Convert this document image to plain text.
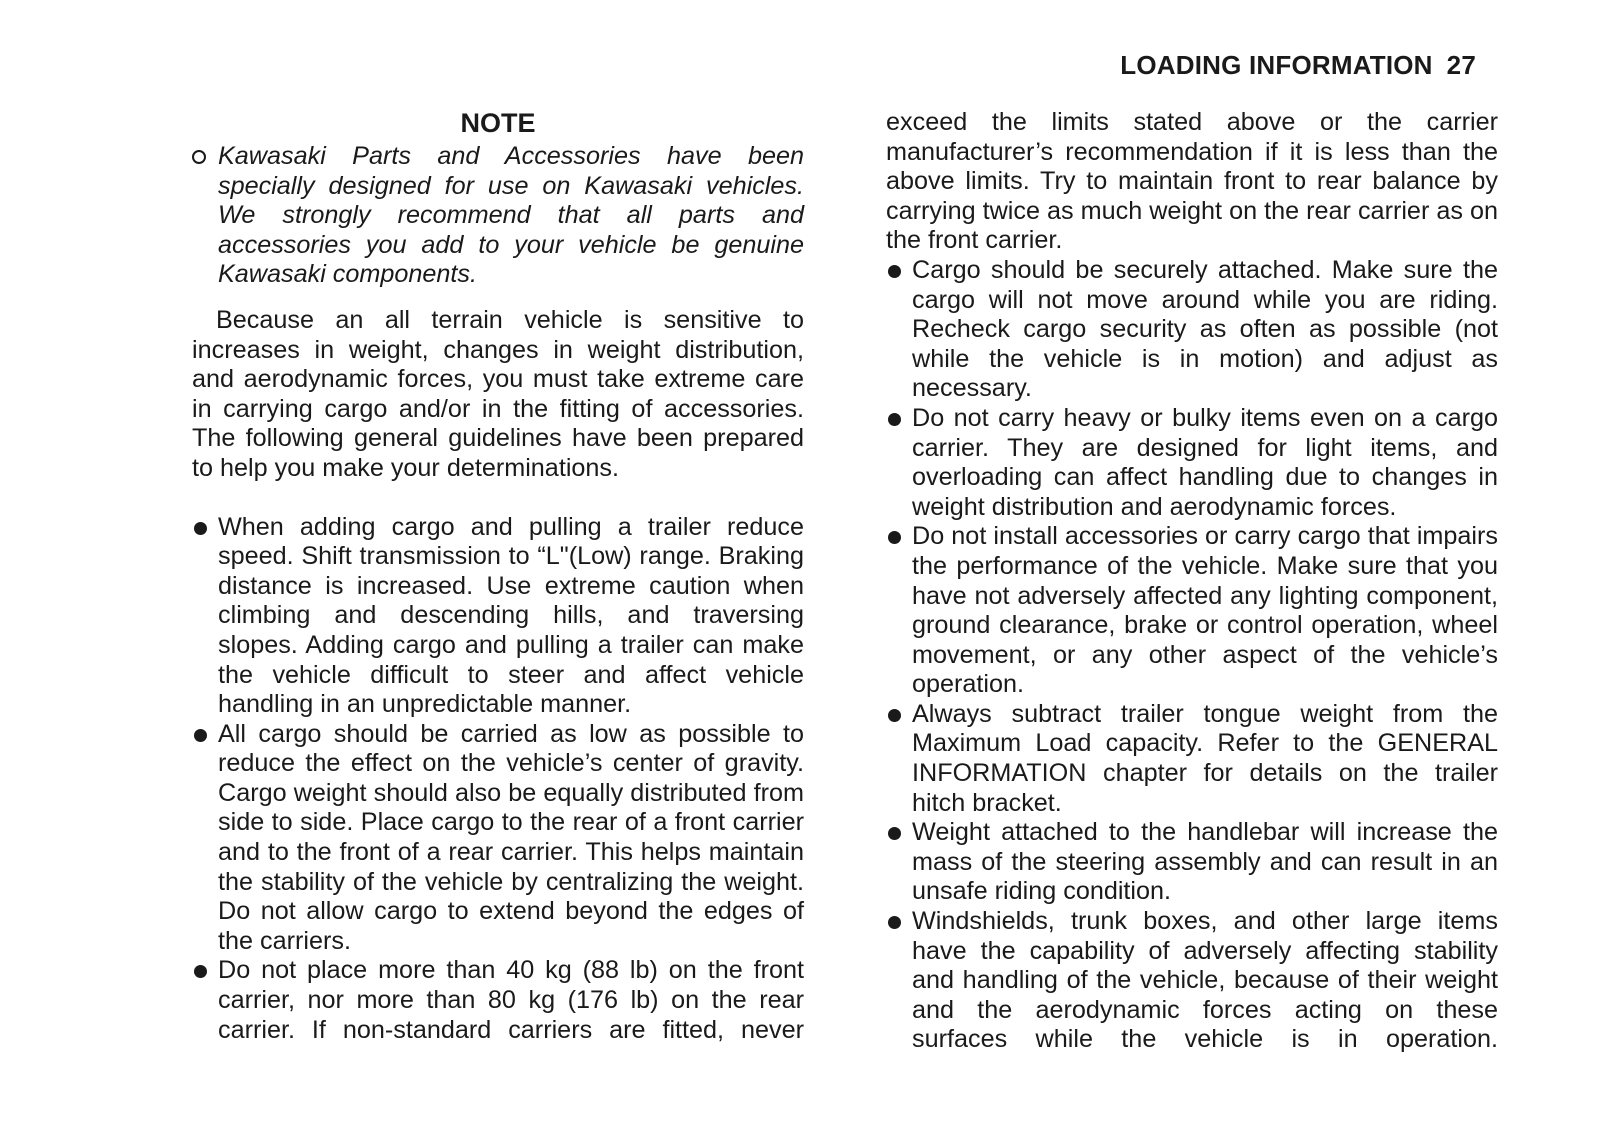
LOADING INFORMATION 27
NOTE
Kawasaki Parts and Accessories have been specially designed for use on Kawasaki vehicles. We strongly recommend that all parts and accessories you add to your vehicle be genuine Kawasaki components.

Because an all terrain vehicle is sensitive to increases in weight, changes in weight distribution, and aerodynamic forces, you must take extreme care in carrying cargo and/or in the fitting of accessories. The following general guidelines have been prepared to help you make your determinations.

When adding cargo and pulling a trailer reduce speed. Shift transmission to “L"(Low) range. Braking distance is increased. Use extreme caution when climbing and descending hills, and traversing slopes. Adding cargo and pulling a trailer can make the vehicle difficult to steer and affect vehicle handling in an unpredictable manner.
All cargo should be carried as low as possible to reduce the effect on the vehicle’s center of gravity. Cargo weight should also be equally distributed from side to side. Place cargo to the rear of a front carrier and to the front of a rear carrier. This helps maintain the stability of the vehicle by centralizing the weight. Do not allow cargo to extend beyond the edges of the carriers.
Do not place more than 40 kg (88 lb) on the front carrier, nor more than 80 kg (176 lb) on the rear carrier. If non-standard carriers are fitted, never

exceed the limits stated above or the carrier manufacturer’s recommendation if it is less than the above limits. Try to maintain front to rear balance by carrying twice as much weight on the rear carrier as on the front carrier.

Cargo should be securely attached. Make sure the cargo will not move around while you are riding. Recheck cargo security as often as possible (not while the vehicle is in motion) and adjust as necessary.
Do not carry heavy or bulky items even on a cargo carrier. They are designed for light items, and overloading can affect handling due to changes in weight distribution and aerodynamic forces.
Do not install accessories or carry cargo that impairs the performance of the vehicle. Make sure that you have not adversely affected any lighting component, ground clearance, brake or control operation, wheel movement, or any other aspect of the vehicle’s operation.
Always subtract trailer tongue weight from the Maximum Load capacity. Refer to the GENERAL INFORMATION chapter for details on the trailer hitch bracket.
Weight attached to the handlebar will increase the mass of the steering assembly and can result in an unsafe riding condition.
Windshields, trunk boxes, and other large items have the capability of adversely affecting stability and handling of the vehicle, because of their weight and the aerodynamic forces acting on these surfaces while the vehicle is in operation.
